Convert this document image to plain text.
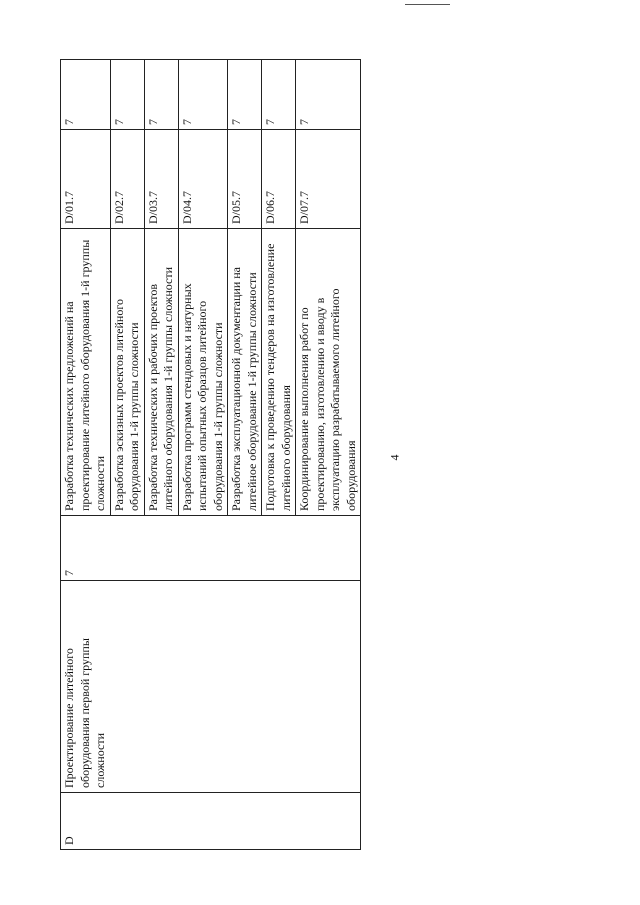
4
D	Проектирование литейного оборудования первой группы сложности	7	Разработка технических предложений на проектирование литейного оборудования 1-й группы сложности	D/01.7	7
			Разработка эскизных проектов литейного оборудования 1-й группы сложности	D/02.7	7
			Разработка технических и рабочих проектов литейного оборудования 1-й группы сложности	D/03.7	7
			Разработка программ стендовых и натурных испытаний опытных образцов литейного оборудования 1-й группы сложности	D/04.7	7
			Разработка эксплуатационной документации на литейное оборудование 1-й группы сложности	D/05.7	7
			Подготовка к проведению тендеров на изготовление литейного оборудования	D/06.7	7
			Координирование выполнения работ по проектированию, изготовлению и вводу в эксплуатацию разрабатываемого литейного оборудования	D/07.7	7
